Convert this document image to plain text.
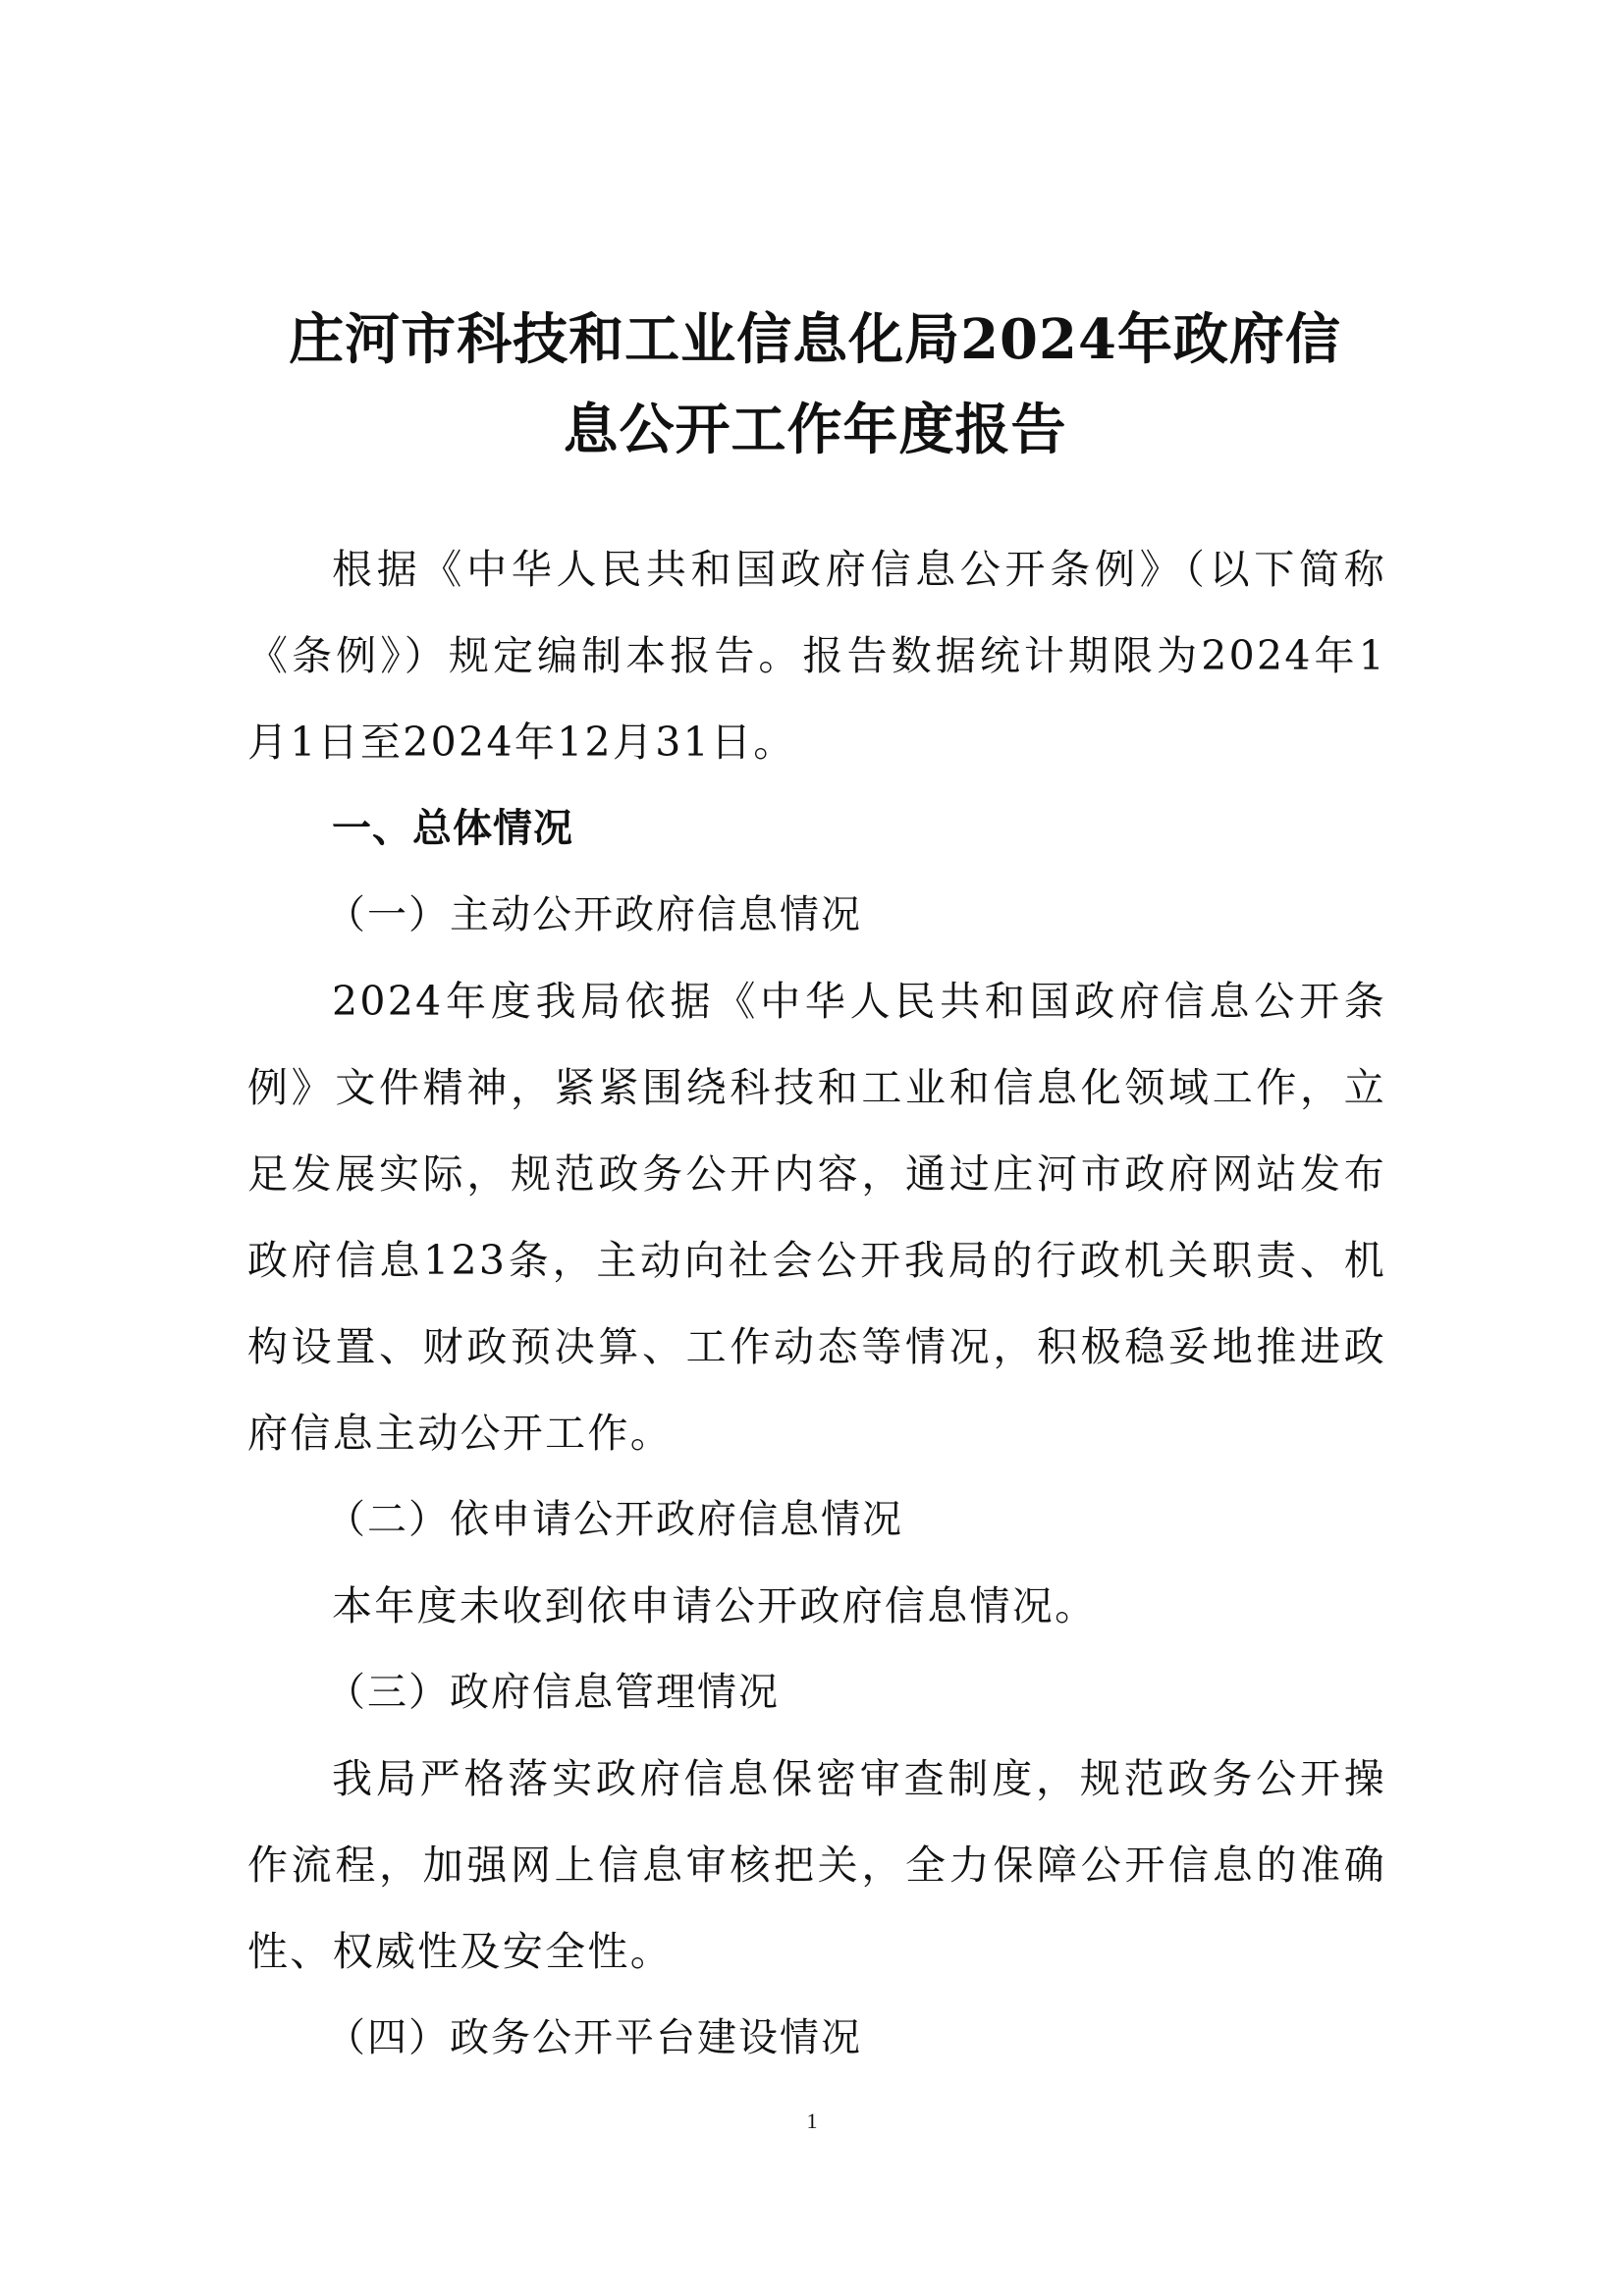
庄河市科技和工业信息化局2024年政府信
息公开工作年度报告

根据《中华人民共和国政府信息公开条例》（以下简称《条例》）规定编制本报告。报告数据统计期限为2024年1月1日至2024年12月31日。

一、总体情况

（一）主动公开政府信息情况

2024年度我局依据《中华人民共和国政府信息公开条例》文件精神，紧紧围绕科技和工业和信息化领域工作，立足发展实际，规范政务公开内容，通过庄河市政府网站发布政府信息123条，主动向社会公开我局的行政机关职责、机构设置、财政预决算、工作动态等情况，积极稳妥地推进政府信息主动公开工作。

（二）依申请公开政府信息情况

本年度未收到依申请公开政府信息情况。

（三）政府信息管理情况

我局严格落实政府信息保密审查制度，规范政务公开操作流程，加强网上信息审核把关，全力保障公开信息的准确性、权威性及安全性。

（四）政务公开平台建设情况

1
